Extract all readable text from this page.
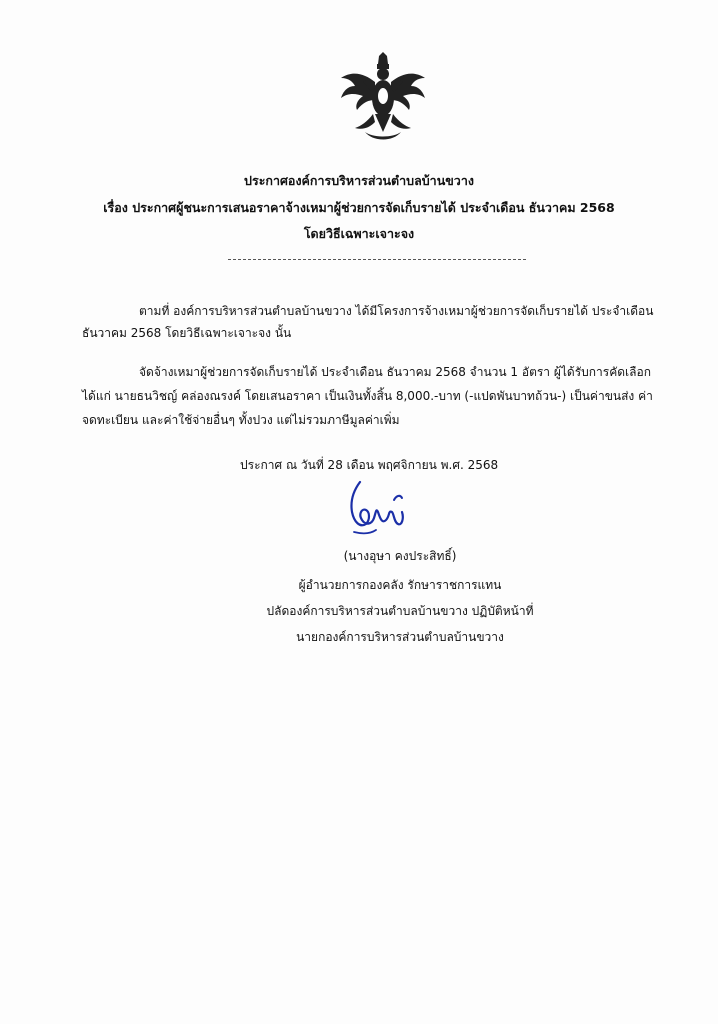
ประกาศองค์การบริหารส่วนตำบลบ้านขวาง
เรื่อง ประกาศผู้ชนะการเสนอราคาจ้างเหมาผู้ช่วยการจัดเก็บรายได้ ประจำเดือน ธันวาคม 2568
โดยวิธีเฉพาะเจาะจง
ตามที่ องค์การบริหารส่วนตำบลบ้านขวาง ได้มีโครงการจ้างเหมาผู้ช่วยการจัดเก็บรายได้ ประจำเดือน
ธันวาคม 2568 โดยวิธีเฉพาะเจาะจง นั้น
จัดจ้างเหมาผู้ช่วยการจัดเก็บรายได้ ประจำเดือน ธันวาคม 2568 จำนวน 1 อัตรา ผู้ได้รับการคัดเลือก
ได้แก่ นายธนวิชญ์ คล่องณรงค์ โดยเสนอราคา เป็นเงินทั้งสิ้น 8,000.-บาท (-แปดพันบาทถ้วน-) เป็นค่าขนส่ง ค่า
จดทะเบียน และค่าใช้จ่ายอื่นๆ ทั้งปวง แต่ไม่รวมภาษีมูลค่าเพิ่ม
ประกาศ ณ วันที่ 28 เดือน พฤศจิกายน พ.ศ. 2568
(นางอุษา คงประสิทธิ์)
ผู้อำนวยการกองคลัง รักษาราชการแทน
ปลัดองค์การบริหารส่วนตำบลบ้านขวาง ปฏิบัติหน้าที่
นายกองค์การบริหารส่วนตำบลบ้านขวาง
